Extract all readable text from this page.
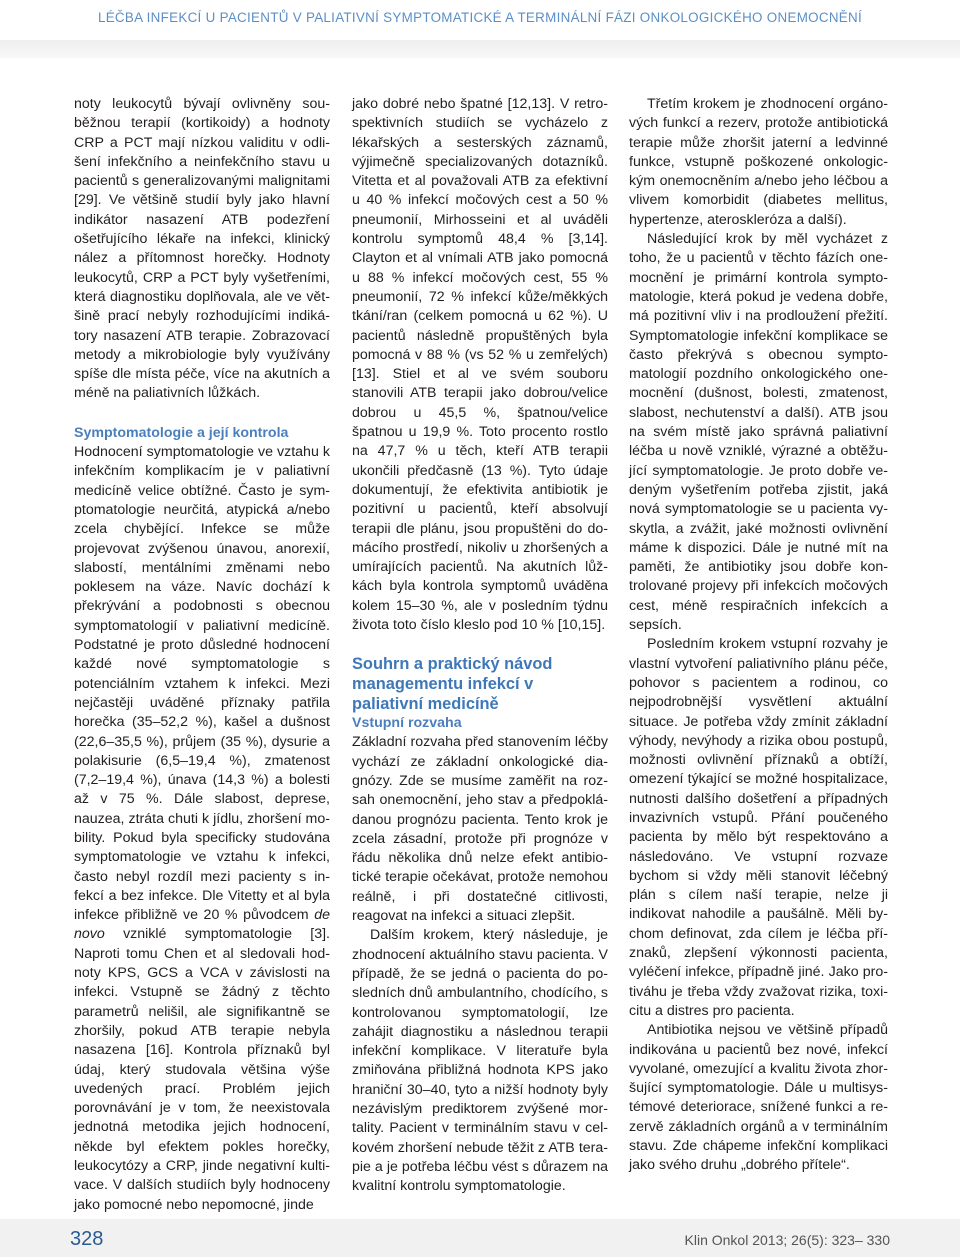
LÉČBA INFEKCÍ U PACIENTŮ V PALIATIVNÍ SYMPTOMATICKÉ A TERMINÁLNÍ FÁZI ONKOLOGICKÉHO ONEMOCNĚNÍ

noty leukocytů bývají ovlivněny souběžnou terapií (kortikoidy) a hodnoty CRP a PCT mají nízkou validitu v odlišení infekčního a neinfekčního stavu u pacientů s generalizovanými malignitami [29]. Ve většině studií byly jako hlavní indikátor nasazení ATB podezření ošetřujícího lékaře na infekci, klinický nález a přítomnost horečky. Hodnoty leukocytů, CRP a PCT byly vyšetřeními, která diagnostiku doplňovala, ale ve většině prací nebyly rozhodujícími indikátory nasazení ATB terapie. Zobrazovací metody a mikrobiologie byly využívány spíše dle místa péče, více na akutních a méně na paliativních lůžkách.

Symptomatologie a její kontrola

Hodnocení symptomatologie ve vztahu k infekčním komplikacím je v paliativní medicíně velice obtížné. Často je symptomatologie neurčitá, atypická a/nebo zcela chybějící. Infekce se může projevovat zvýšenou únavou, anorexií, slabostí, mentálními změnami nebo poklesem na váze. Navíc dochází k překrývání a podobnosti s obecnou symptomatologií v paliativní medicíně. Podstatné je proto důsledné hodnocení každé nové symptomatologie s potenciálním vztahem k infekci. Mezi nejčastěji uváděné příznaky patřila horečka (35–52,2 %), kašel a dušnost (22,6–35,5 %), průjem (35 %), dysurie a polakisurie (6,5–19,4 %), zmatenost (7,2–19,4 %), únava (14,3 %) a bolesti až v 75 %. Dále slabost, deprese, nauzea, ztráta chuti k jídlu, zhoršení mobility. Pokud byla specificky studována symptomatologie ve vztahu k infekci, často nebyl rozdíl mezi pacienty s infekcí a bez infekce. Dle Vitetty et al byla infekce přibližně ve 20 % původcem de novo vzniklé symptomatologie [3]. Naproti tomu Chen et al sledovali hodnoty KPS, GCS a VCA v závislosti na infekci. Vstupně se žádný z těchto parametrů nelišil, ale signifikantně se zhoršily, pokud ATB terapie nebyla nasazena [16]. Kontrola příznaků byl údaj, který studovala většina výše uvedených prací. Problém jejich porovnávání je v tom, že neexistovala jednotná metodika jejich hodnocení, někde byl efektem pokles horečky, leukocytózy a CRP, jinde negativní kultivace. V dalších studiích byly hodnoceny jako pomocné nebo nepomocné, jinde

jako dobré nebo špatné [12,13]. V retrospektivních studiích se vycházelo z lékařských a sesterských záznamů, výjimečně specializovaných dotazníků. Vitetta et al považovali ATB za efektivní u 40 % infekcí močových cest a 50 % pneumonií, Mirhosseini et al uváděli kontrolu symptomů 48,4 % [3,14]. Clayton et al vnímali ATB jako pomocná u 88 % infekcí močových cest, 55 % pneumonií, 72 % infekcí kůže/měkkých tkání/ran (celkem pomocná u 62 %). U pacientů následně propuštěných byla pomocná v 88 % (vs 52 % u zemřelých) [13]. Stiel et al ve svém souboru stanovili ATB terapii jako dobrou/velice dobrou u 45,5 %, špatnou/velice špatnou u 19,9 %. Toto procento rostlo na 47,7 % u těch, kteří ATB terapii ukončili předčasně (13 %). Tyto údaje dokumentují, že efektivita antibiotik je pozitivní u pacientů, kteří absolvují terapii dle plánu, jsou propuštěni do domácího prostředí, nikoliv u zhoršených a umírajících pacientů. Na akutních lůžkách byla kontrola symptomů uváděna kolem 15–30 %, ale v posledním týdnu života toto číslo kleslo pod 10 % [10,15].

Souhrn a praktický návod managementu infekcí v paliativní medicíně
Vstupní rozvaha

Základní rozvaha před stanovením léčby vychází ze základní onkologické diagnózy. Zde se musíme zaměřit na rozsah onemocnění, jeho stav a předpokládanou prognózu pacienta. Tento krok je zcela zásadní, protože při prognóze v řádu několika dnů nelze efekt antibiotické terapie očekávat, protože nemohou reálně, i při dostatečné citlivosti, reagovat na infekci a situaci zlepšit.

Dalším krokem, který následuje, je zhodnocení aktuálního stavu pacienta. V případě, že se jedná o pacienta do posledních dnů ambulantního, chodícího, s kontrolovanou symptomatologií, lze zahájit diagnostiku a následnou terapii infekční komplikace. V literatuře byla zmiňována přibližná hodnota KPS jako hraniční 30–40, tyto a nižší hodnoty byly nezávislým prediktorem zvýšené mortality. Pacient v terminálním stavu v celkovém zhoršení nebude těžit z ATB terapie a je potřeba léčbu vést s důrazem na kvalitní kontrolu symptomatologie.

Třetím krokem je zhodnocení orgánových funkcí a rezerv, protože antibiotická terapie může zhoršit jaterní a ledvinné funkce, vstupně poškozené onkologickým onemocněním a/nebo jeho léčbou a vlivem komorbidit (diabetes mellitus, hypertenze, ateroskleróza a další).

Následující krok by měl vycházet z toho, že u pacientů v těchto fázích onemocnění je primární kontrola symptomatologie, která pokud je vedena dobře, má pozitivní vliv i na prodloužení přežití. Symptomatologie infekční komplikace se často překrývá s obecnou symptomatologií pozdního onkologického onemocnění (dušnost, bolesti, zmatenost, slabost, nechutenství a další). ATB jsou na svém místě jako správná paliativní léčba u nově vzniklé, výrazné a obtěžující symptomatologie. Je proto dobře vedeným vyšetřením potřeba zjistit, jaká nová symptomatologie se u pacienta vyskytla, a zvážit, jaké možnosti ovlivnění máme k dispozici. Dále je nutné mít na paměti, že antibiotiky jsou dobře kontrolované projevy při infekcích močových cest, méně respiračních infekcích a sepsích.

Posledním krokem vstupní rozvahy je vlastní vytvoření paliativního plánu péče, pohovor s pacientem a rodinou, co nejpodrobnější vysvětlení aktuální situace. Je potřeba vždy zmínit základní výhody, nevýhody a rizika obou postupů, možnosti ovlivnění příznaků a obtíží, omezení týkající se možné hospitalizace, nutnosti dalšího došetření a případných invazivních vstupů. Přání poučeného pacienta by mělo být respektováno a následováno. Ve vstupní rozvaze bychom si vždy měli stanovit léčebný plán s cílem naší terapie, nelze ji indikovat nahodile a paušálně. Měli bychom definovat, zda cílem je léčba příznaků, zlepšení výkonnosti pacienta, vyléčení infekce, případně jiné. Jako protiváhu je třeba vždy zvažovat rizika, toxicitu a distres pro pacienta.

Antibiotika nejsou ve většině případů indikována u pacientů bez nové, infekcí vyvolané, omezující a kvalitu života zhoršující symptomatologie. Dále u multisystémové deteriorace, snížené funkci a rezervě základních orgánů a v terminálním stavu. Zde chápeme infekční komplikaci jako svého druhu „dobrého přítele“.

328	Klin Onkol 2013; 26(5): 323– 330
